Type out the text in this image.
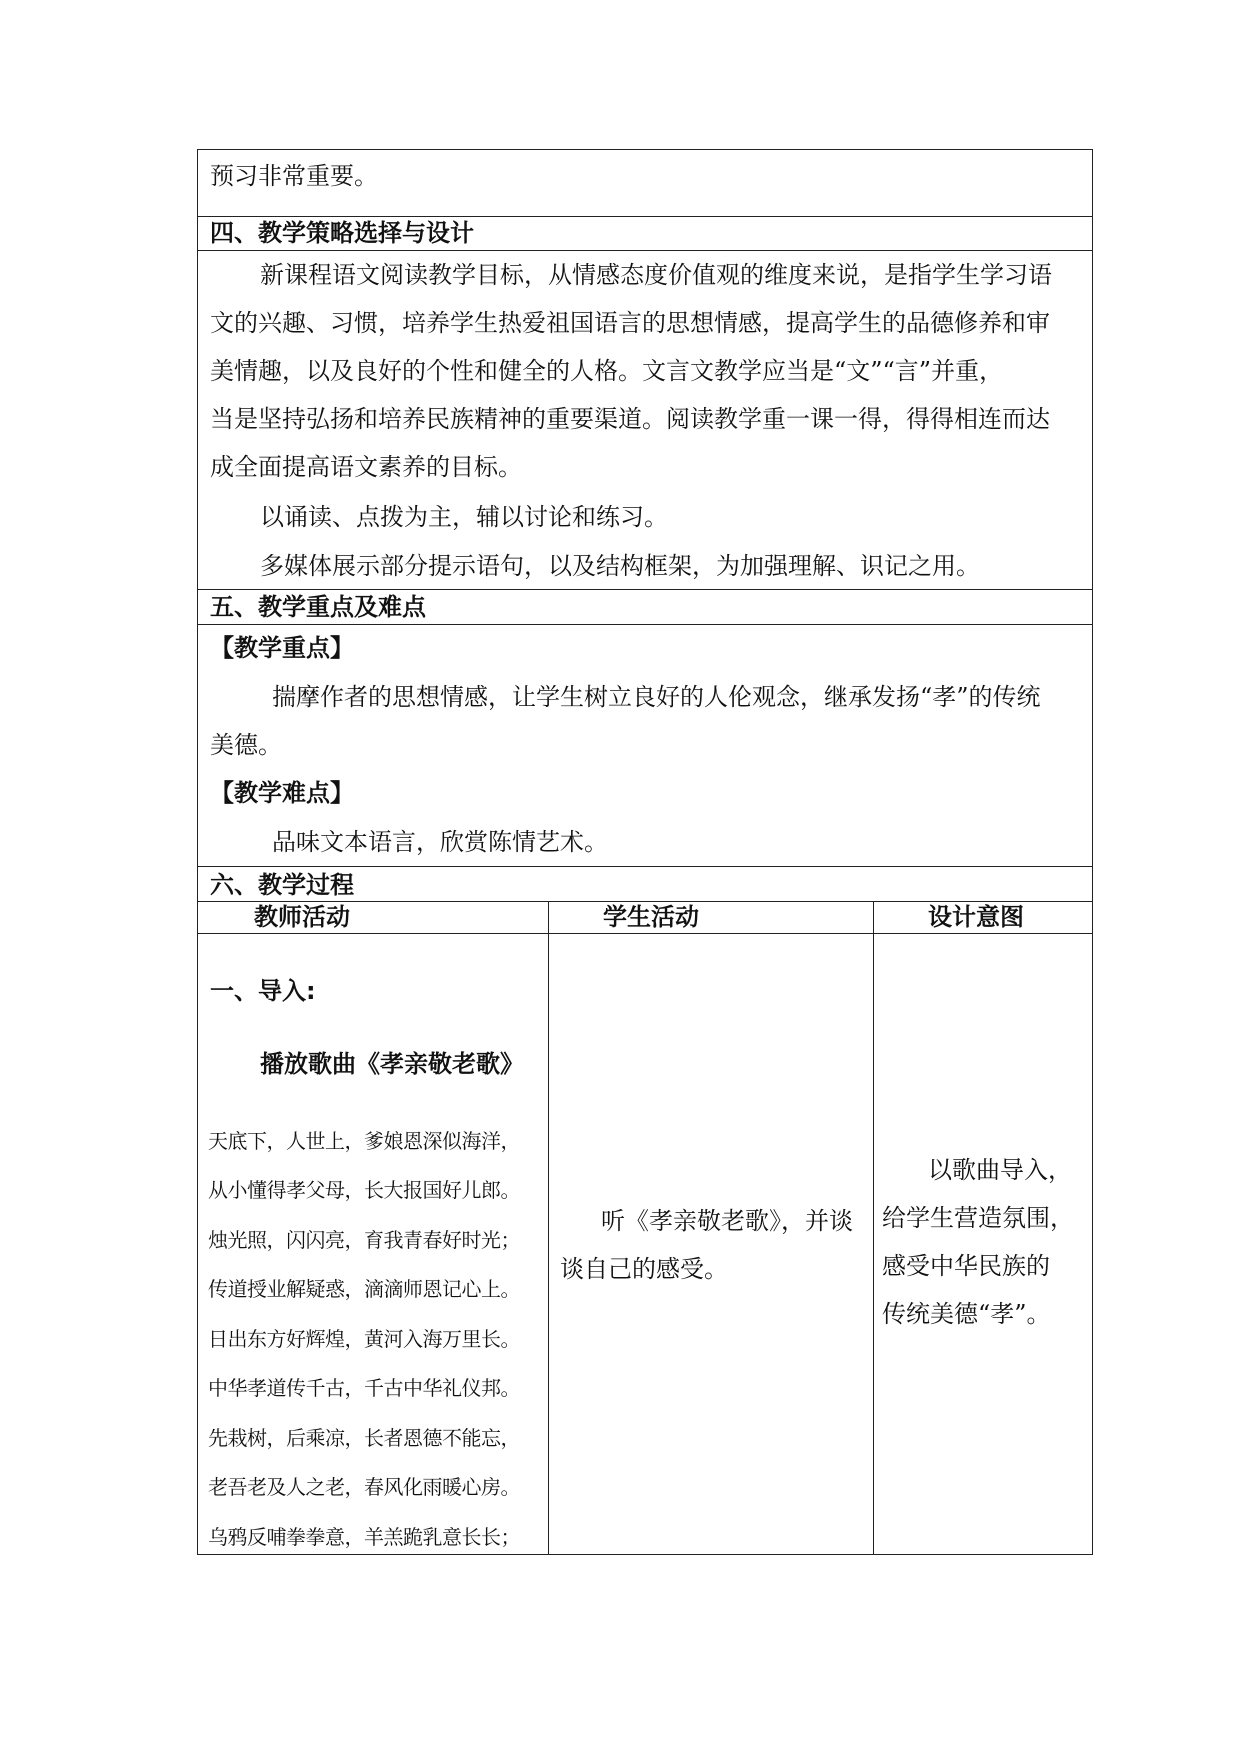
预习非常重要。
四、教学策略选择与设计
新课程语文阅读教学目标，从情感态度价值观的维度来说，是指学生学习语
文的兴趣、习惯，培养学生热爱祖国语言的思想情感，提高学生的品德修养和审
美情趣，以及良好的个性和健全的人格。文言文教学应当是“文”“言”并重，
当是坚持弘扬和培养民族精神的重要渠道。阅读教学重一课一得，得得相连而达
成全面提高语文素养的目标。
以诵读、点拨为主，辅以讨论和练习。
多媒体展示部分提示语句，以及结构框架，为加强理解、识记之用。
五、教学重点及难点
【教学重点】
揣摩作者的思想情感，让学生树立良好的人伦观念，继承发扬“孝”的传统
美德。
【教学难点】
品味文本语言，欣赏陈情艺术。
六、教学过程
教师活动	学生活动	设计意图
一、导入:
播放歌曲《孝亲敬老歌》
天底下，人世上，爹娘恩深似海洋，
从小懂得孝父母，长大报国好儿郎。
烛光照，闪闪亮，育我青春好时光；
传道授业解疑惑，滴滴师恩记心上。
日出东方好辉煌，黄河入海万里长。
中华孝道传千古，千古中华礼仪邦。
先栽树，后乘凉，长者恩德不能忘，
老吾老及人之老，春风化雨暖心房。
乌鸦反哺拳拳意，羊羔跪乳意长长；
听《孝亲敬老歌》，并谈
谈自己的感受。
以歌曲导入，
给学生营造氛围，
感受中华民族的
传统美德“孝”。
